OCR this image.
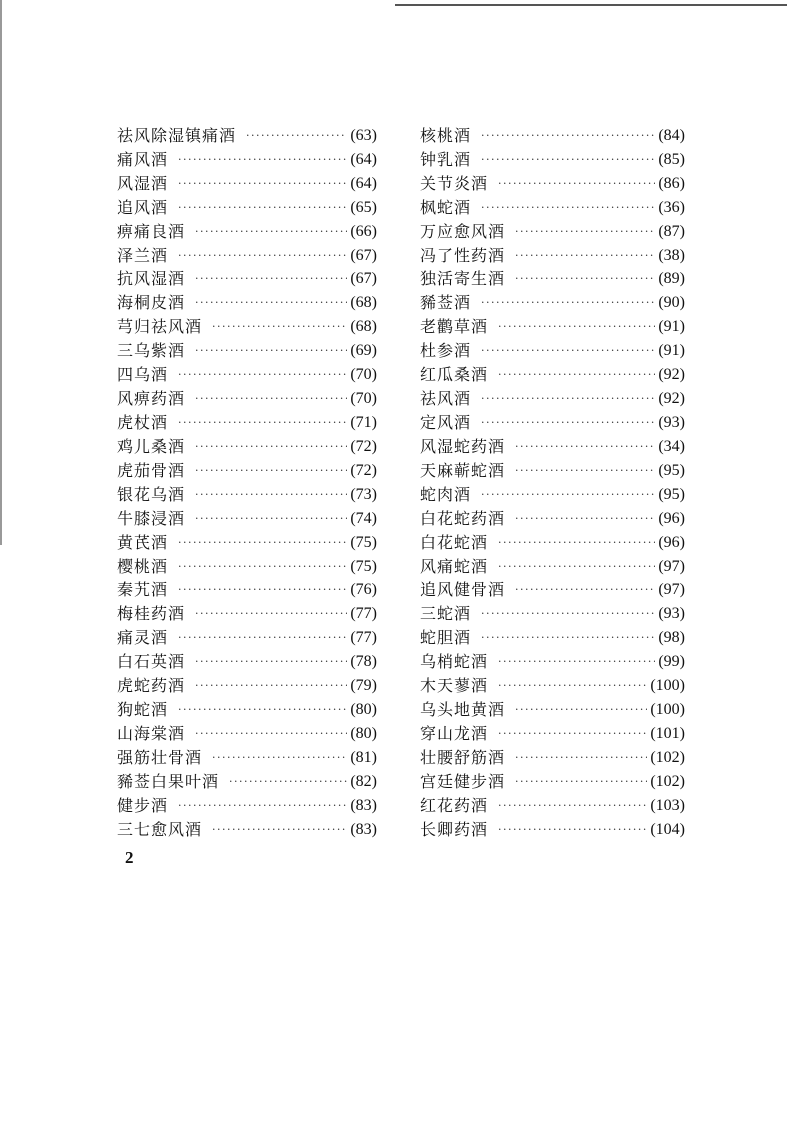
祛风除湿镇痛酒 ·····	( 63 )
痛风酒 ·····	( 64 )
风湿酒 ·····	( 64 )
追风酒 ·····	( 65 )
痹痛良酒 ·····	( 66 )
泽兰酒 ·····	( 67 )
抗风湿酒 ·····	( 67 )
海桐皮酒 ·····	( 68 )
芎归祛风酒 ·····	( 68 )
三乌紫酒 ·····	( 69 )
四乌酒 ·····	( 70 )
风痹药酒 ·····	( 70 )
虎杖酒 ·····	( 71 )
鸡儿桑酒 ·····	( 72 )
虎茄骨酒 ·····	( 72 )
银花乌酒 ·····	( 73 )
牛膝浸酒 ·····	( 74 )
黄芪酒 ·····	( 75 )
樱桃酒 ·····	( 75 )
秦艽酒 ·····	( 76 )
梅桂药酒 ·····	( 77 )
痛灵酒 ·····	( 77 )
白石英酒 ·····	( 78 )
虎蛇药酒 ·····	( 79 )
狗蛇酒 ·····	( 80 )
山海棠酒 ·····	( 80 )
强筋壮骨酒 ·····	( 81 )
豨莶白果叶酒 ·····	( 82 )
健步酒 ·····	( 83 )
三七愈风酒 ·····	( 83 )
核桃酒 ·····	( 84 )
钟乳酒 ·····	( 85 )
关节炎酒 ·····	( 86 )
枫蛇酒 ·····	( 36 )
万应愈风酒 ·····	( 87 )
冯了性药酒 ·····	( 38 )
独活寄生酒 ·····	( 89 )
豨莶酒 ·····	( 90 )
老鹳草酒 ·····	( 91 )
杜参酒 ·····	( 91 )
红瓜桑酒 ·····	( 92 )
祛风酒 ·····	( 92 )
定风酒 ·····	( 93 )
风湿蛇药酒 ·····	( 34 )
天麻蕲蛇酒 ·····	( 95 )
蛇肉酒 ·····	( 95 )
白花蛇药酒 ·····	( 96 )
白花蛇酒 ·····	( 96 )
风痛蛇酒 ·····	( 97 )
追风健骨酒 ·····	( 97 )
三蛇酒 ·····	( 93 )
蛇胆酒 ·····	( 98 )
乌梢蛇酒 ·····	( 99 )
木天蓼酒 ·····	( 100 )
乌头地黄酒 ·····	( 100 )
穿山龙酒 ·····	( 101 )
壮腰舒筋酒 ·····	( 102 )
宫廷健步酒 ·····	( 102 )
红花药酒 ·····	( 103 )
长卿药酒 ·····	( 104 )
2
